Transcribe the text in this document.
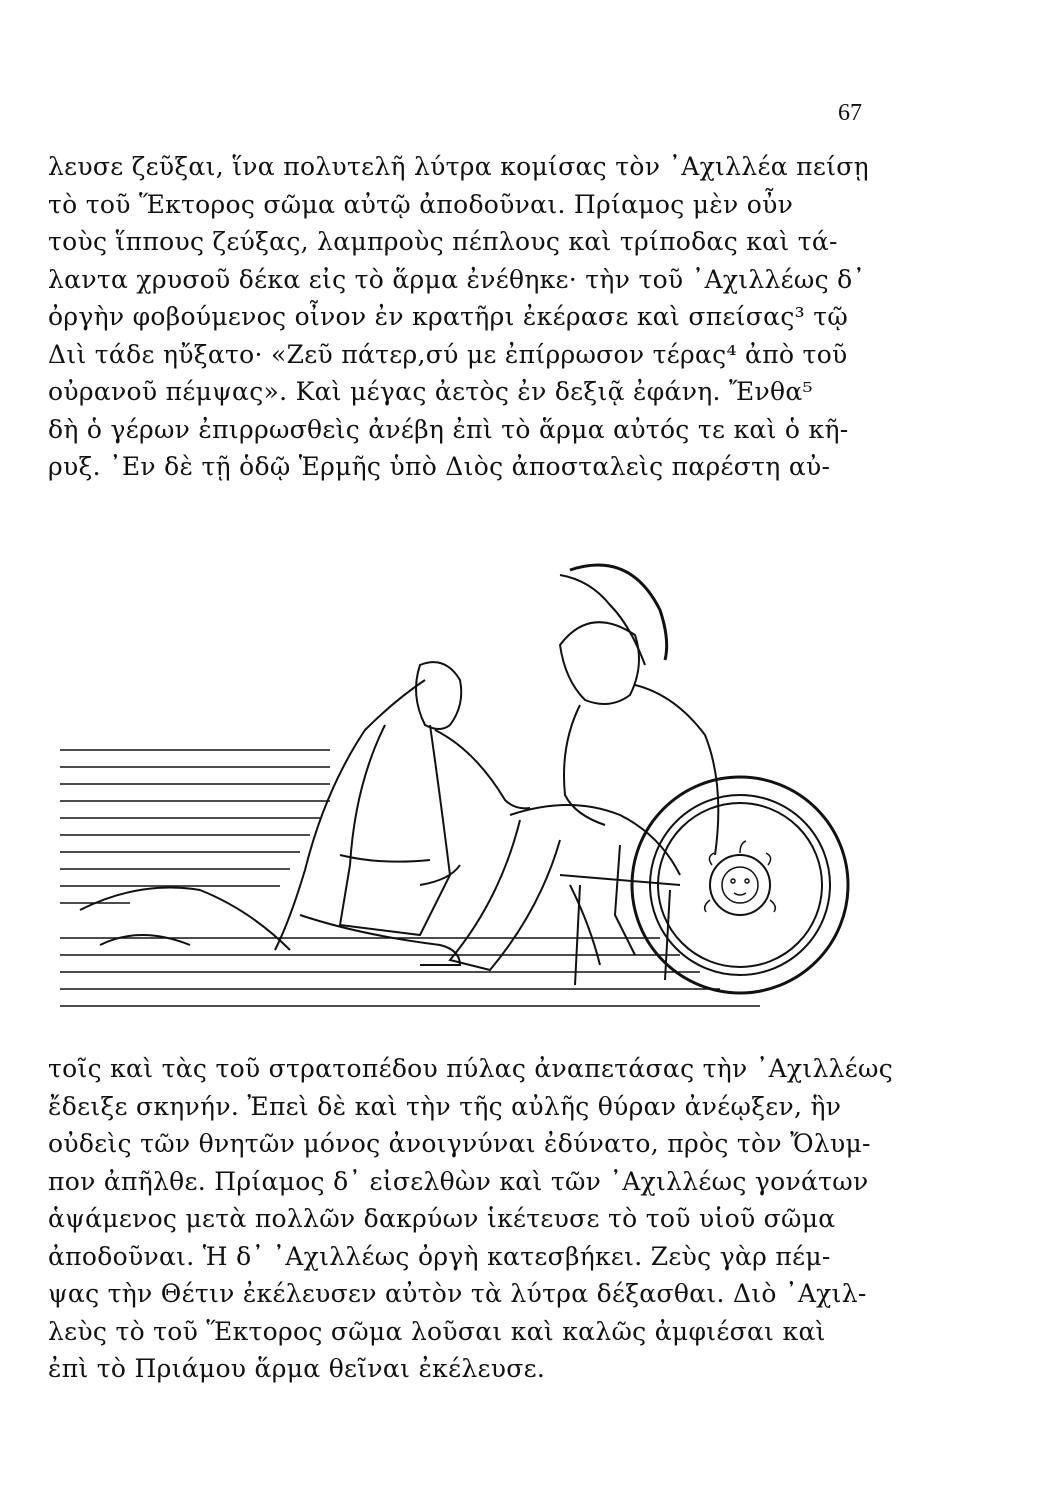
67
λευσε ζεῦξαι, ἵνα πολυτελῆ λύτρα κομίσας τὸν ᾿Αχιλλέα πείσῃ
τὸ τοῦ Ἕκτορος σῶμα αὐτῷ ἀποδοῦναι. Πρίαμος μὲν οὖν
τοὺς ἵππους ζεύξας, λαμπροὺς πέπλους καὶ τρίποδας καὶ τά-
λαντα χρυσοῦ δέκα εἰς τὸ ἅρμα ἐνέθηκε· τὴν τοῦ ᾿Αχιλλέως δ᾿
ὀργὴν φοβούμενος οἶνον ἐν κρατῆρι ἐκέρασε καὶ σπείσας³ τῷ
Διὶ τάδε ηὔξατο· «Ζεῦ πάτερ,σύ με ἐπίρρωσον τέρας⁴ ἀπὸ τοῦ
οὐρανοῦ πέμψας». Καὶ μέγας ἀετὸς ἐν δεξιᾷ ἐφάνη. Ἔνθα⁵
δὴ ὁ γέρων ἐπιρρωσθεὶς ἀνέβη ἐπὶ τὸ ἅρμα αὐτός τε καὶ ὁ κῆ-
ρυξ. ᾿Εν δὲ τῇ ὁδῷ Ἑρμῆς ὑπὸ Διὸς ἀποσταλεὶς παρέστη αὐ-
τοῖς καὶ τὰς τοῦ στρατοπέδου πύλας ἀναπετάσας τὴν ᾿Αχιλλέως
ἔδειξε σκηνήν. Ἐπεὶ δὲ καὶ τὴν τῆς αὐλῆς θύραν ἀνέῳξεν, ἣν
οὐδεὶς τῶν θνητῶν μόνος ἀνοιγνύναι ἐδύνατο, πρὸς τὸν Ὄλυμ-
πον ἀπῆλθε. Πρίαμος δ᾿ εἰσελθὼν καὶ τῶν ᾿Αχιλλέως γονάτων
ἁψάμενος μετὰ πολλῶν δακρύων ἱκέτευσε τὸ τοῦ υἱοῦ σῶμα
ἀποδοῦναι. Ἡ δ᾿ ᾿Αχιλλέως ὀργὴ κατεσβήκει. Ζεὺς γὰρ πέμ-
ψας τὴν Θέτιν ἐκέλευσεν αὐτὸν τὰ λύτρα δέξασθαι. Διὸ ᾿Αχιλ-
λεὺς τὸ τοῦ Ἕκτορος σῶμα λοῦσαι καὶ καλῶς ἀμφιέσαι καὶ
ἐπὶ τὸ Πριάμου ἅρμα θεῖναι ἐκέλευσε.
